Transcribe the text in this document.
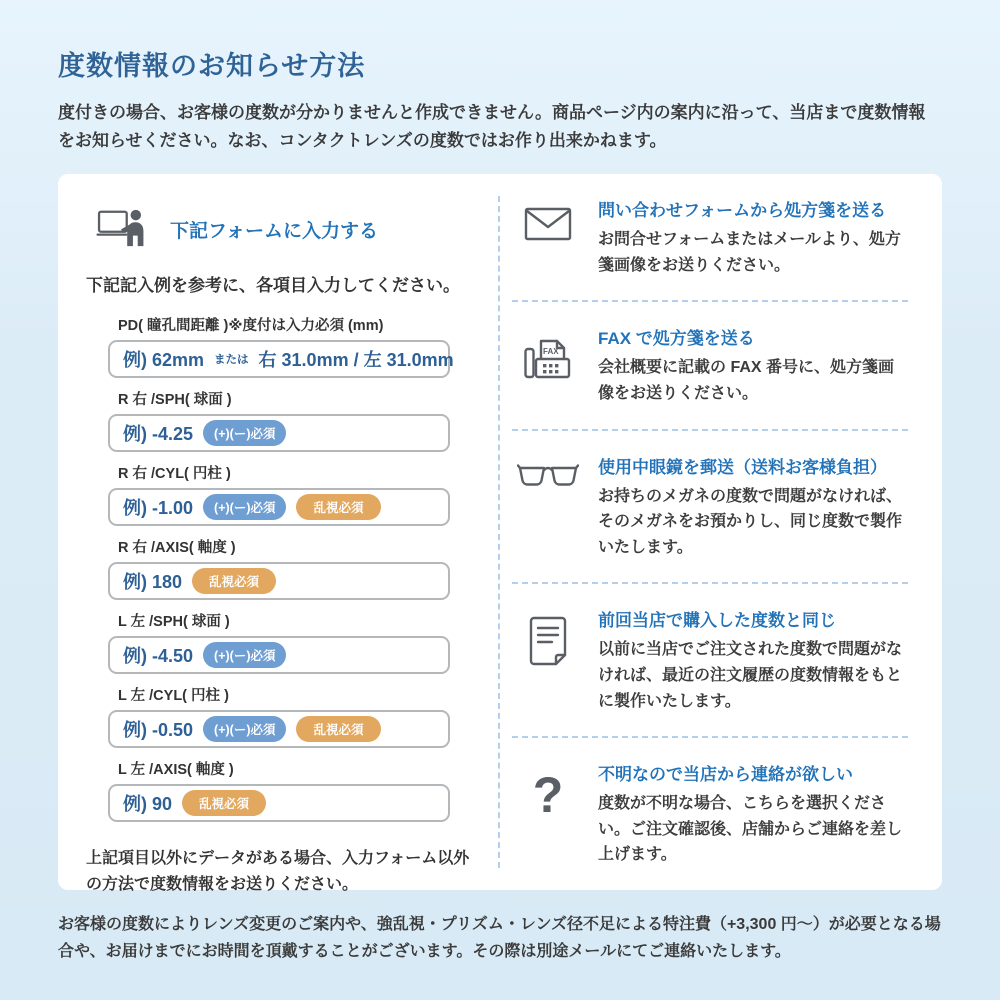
度数情報のお知らせ方法
度付きの場合、お客様の度数が分かりませんと作成できません。商品ページ内の案内に沿って、当店まで度数情報をお知らせください。なお、コンタクトレンズの度数ではお作り出来かねます。
下記フォームに入力する
下記記入例を参考に、各項目入力してください。
PD( 瞳孔間距離 )※度付は入力必須 (mm)
例) 62mm または 右 31.0mm / 左 31.0mm
R 右 /SPH( 球面 )
例) -4.25	(+)(ー)必須
R 右 /CYL( 円柱 )
例) -1.00	(+)(ー)必須	乱視必須
R 右 /AXIS( 軸度 )
例) 180	乱視必須
L 左 /SPH( 球面 )
例) -4.50	(+)(ー)必須
L 左 /CYL( 円柱 )
例) -0.50	(+)(ー)必須	乱視必須
L 左 /AXIS( 軸度 )
例) 90	乱視必須
上記項目以外にデータがある場合、入力フォーム以外の方法で度数情報をお送りください。
問い合わせフォームから処方箋を送る
お問合せフォームまたはメールより、処方箋画像をお送りください。
FAX
FAX で処方箋を送る
会社概要に記載の FAX 番号に、処方箋画像をお送りください。
使用中眼鏡を郵送（送料お客様負担）
お持ちのメガネの度数で問題がなければ、そのメガネをお預かりし、同じ度数で製作いたします。
前回当店で購入した度数と同じ
以前に当店でご注文された度数で問題がなければ、最近の注文履歴の度数情報をもとに製作いたします。
? 不明なので当店から連絡が欲しい
度数が不明な場合、こちらを選択ください。ご注文確認後、店舗からご連絡を差し上げます。
お客様の度数によりレンズ変更のご案内や、強乱視・プリズム・レンズ径不足による特注費（+3,300 円～）が必要となる場合や、お届けまでにお時間を頂戴することがございます。その際は別途メールにてご連絡いたします。
